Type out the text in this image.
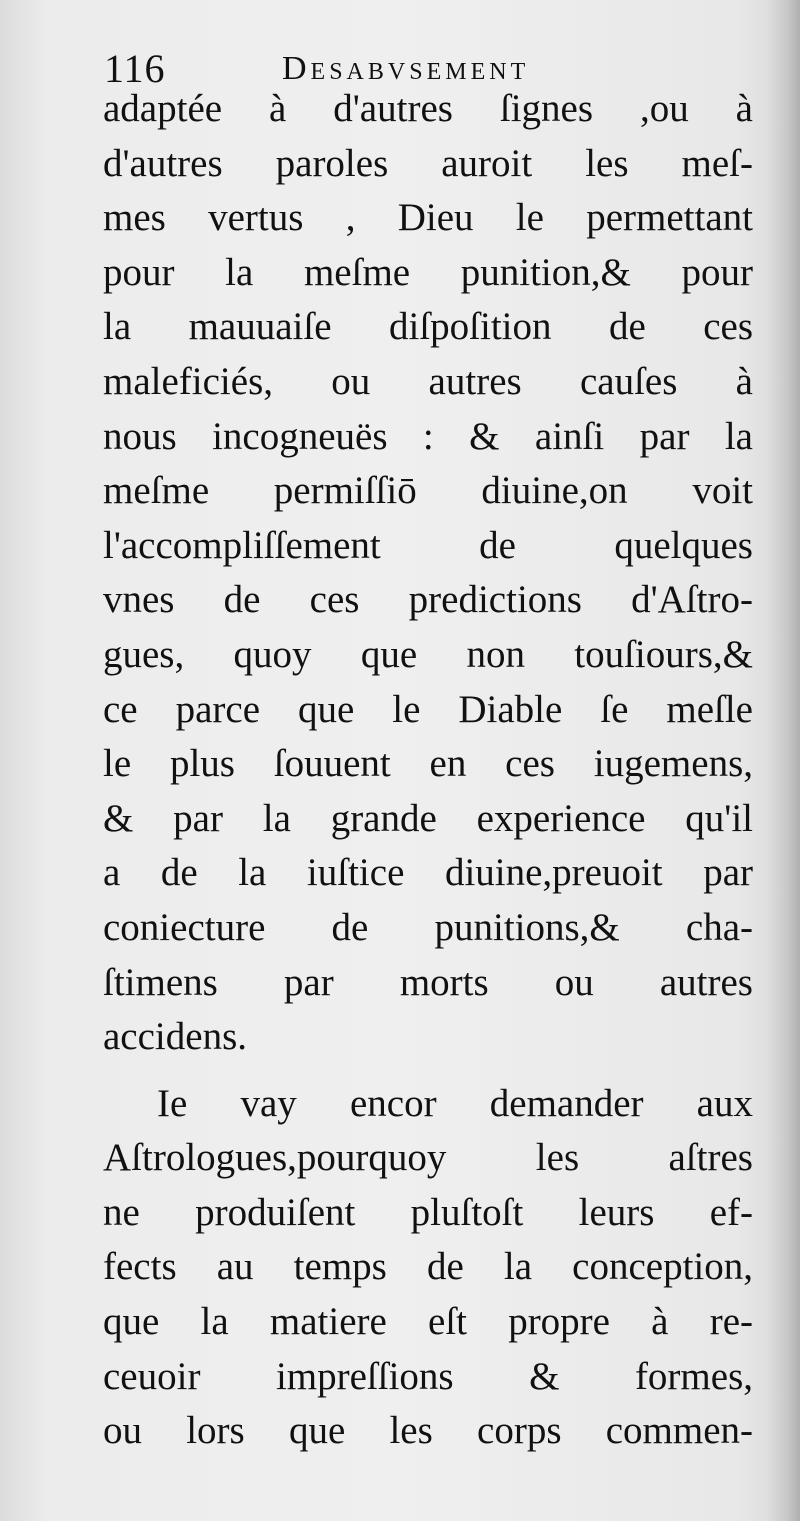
116	Desabvsement
adaptée à d'autres ſignes ,ou à
d'autres paroles auroit les meſ-
mes vertus , Dieu le permettant
pour la meſme punition,& pour
la mauuaiſe diſpoſition de ces
maleficiés, ou autres cauſes à
nous incogneuës : & ainſi par la
meſme permiſſiō diuine,on voit
l'accompliſſement de quelques
vnes de ces predictions d'Aſtro-
gues, quoy que non touſiours,&
ce parce que le Diable ſe meſle
le plus ſouuent en ces iugemens,
& par la grande experience qu'il
a de la iuſtice diuine,preuoit par
coniecture de punitions,& cha-
ſtimens par morts ou autres
accidens.
Ie vay encor demander aux
Aſtrologues,pourquoy les aſtres
ne produiſent pluſtoſt leurs ef-
fects au temps de la conception,
que la matiere eſt propre à re-
ceuoir impreſſions & formes,
ou lors que les corps commen-
